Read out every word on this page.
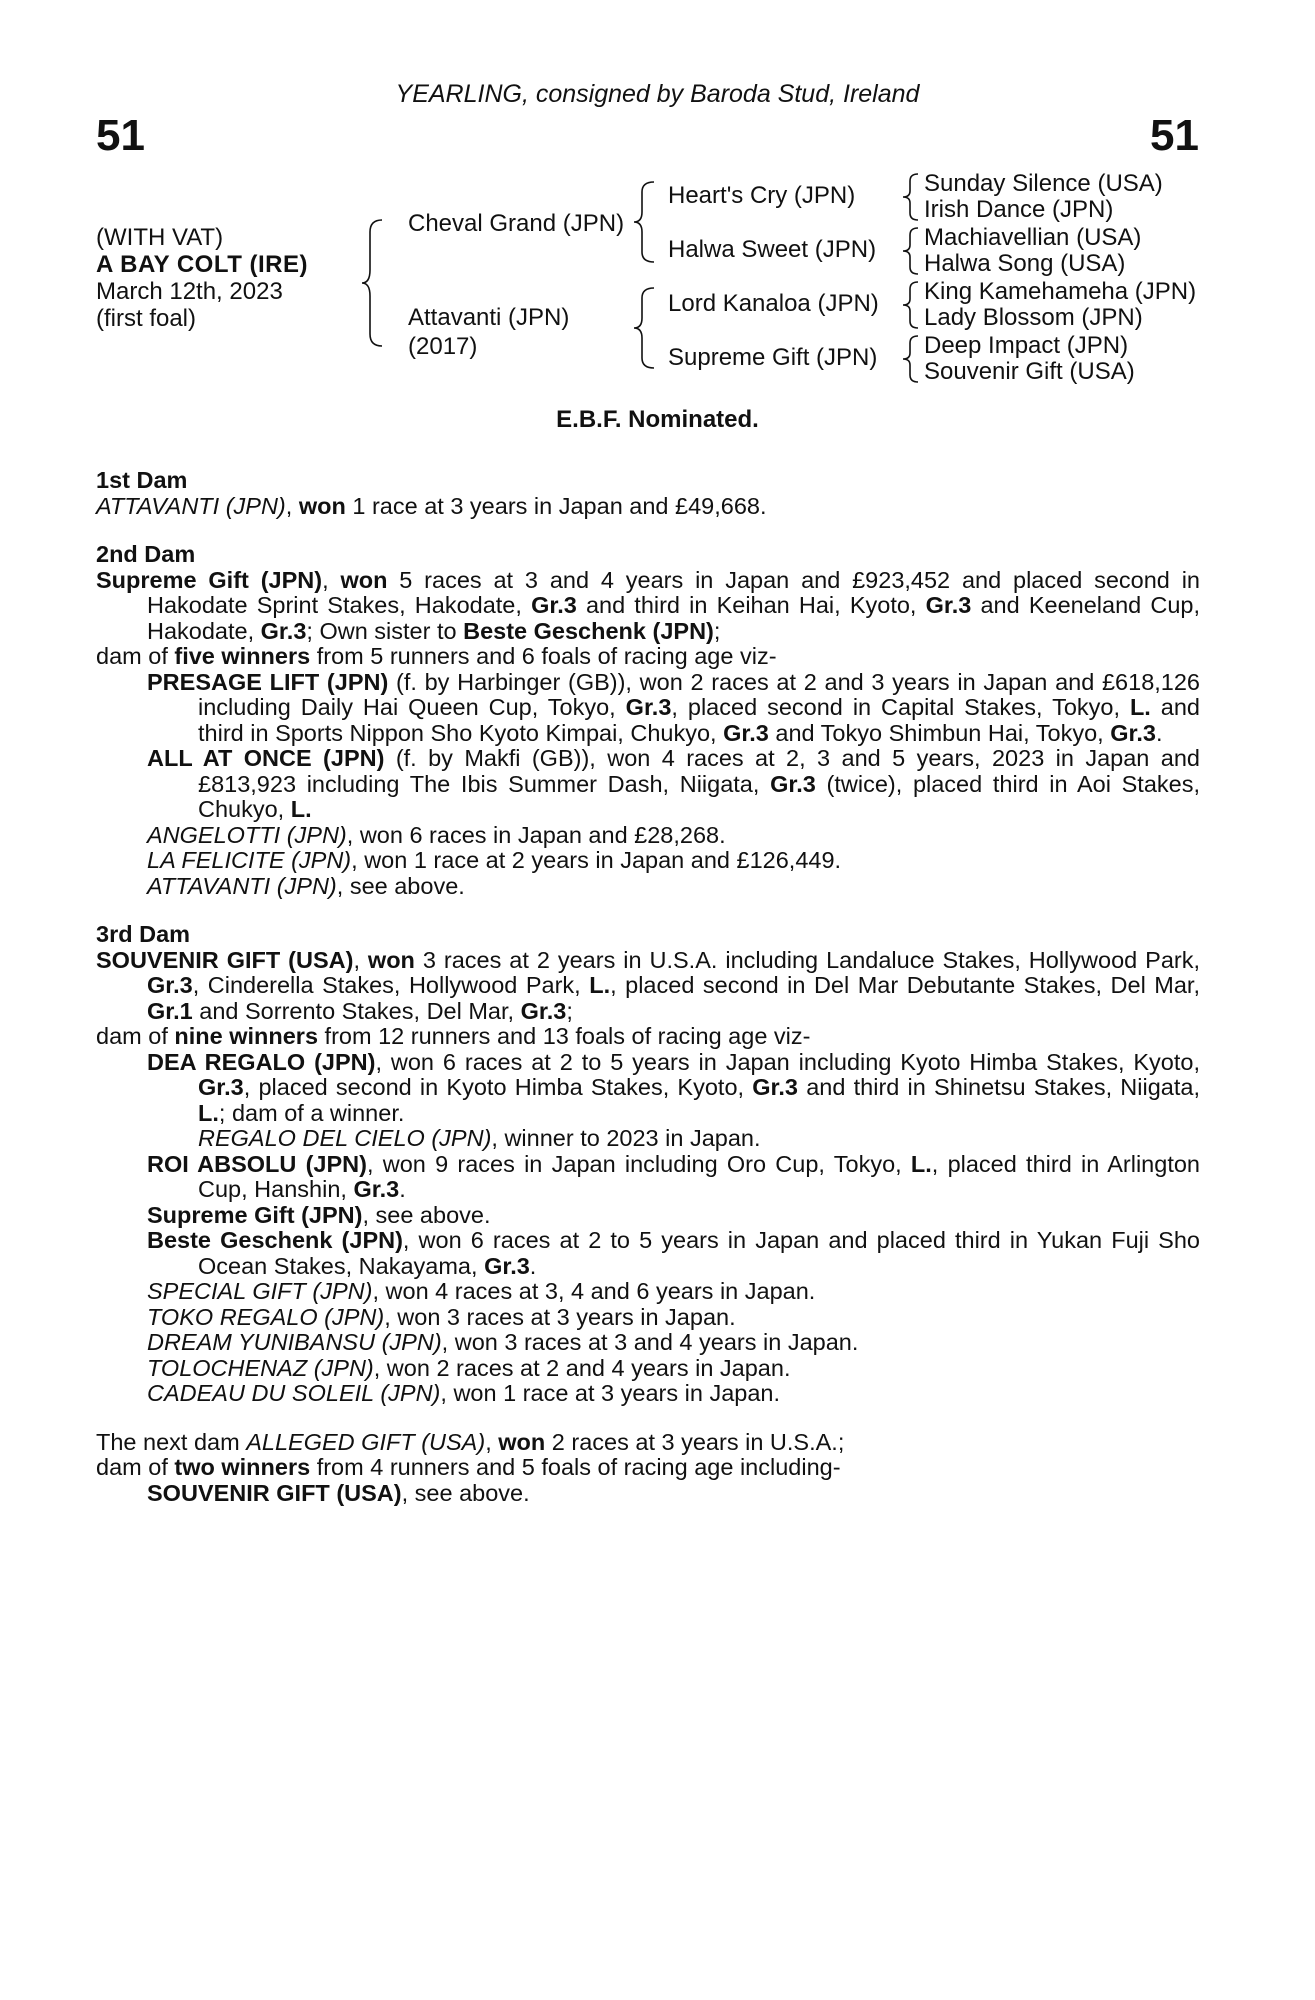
51
YEARLING, consigned by Baroda Stud, Ireland
51
(WITH VAT)
A BAY COLT (IRE)
March 12th, 2023
(first foal)
Cheval Grand (JPN)
Attavanti (JPN)
(2017)
Heart's Cry (JPN)
Halwa Sweet (JPN)
Lord Kanaloa (JPN)
Supreme Gift (JPN)
Sunday Silence (USA)
Irish Dance (JPN)
Machiavellian (USA)
Halwa Song (USA)
King Kamehameha (JPN)
Lady Blossom (JPN)
Deep Impact (JPN)
Souvenir Gift (USA)
E.B.F. Nominated.
1st Dam
ATTAVANTI (JPN), won 1 race at 3 years in Japan and £49,668.
2nd Dam
Supreme Gift (JPN), won 5 races at 3 and 4 years in Japan and £923,452 and placed second in Hakodate Sprint Stakes, Hakodate, Gr.3 and third in Keihan Hai, Kyoto, Gr.3 and Keeneland Cup, Hakodate, Gr.3; Own sister to Beste Geschenk (JPN);
dam of five winners from 5 runners and 6 foals of racing age viz-
PRESAGE LIFT (JPN) (f. by Harbinger (GB)), won 2 races at 2 and 3 years in Japan and £618,126 including Daily Hai Queen Cup, Tokyo, Gr.3, placed second in Capital Stakes, Tokyo, L. and third in Sports Nippon Sho Kyoto Kimpai, Chukyo, Gr.3 and Tokyo Shimbun Hai, Tokyo, Gr.3.
ALL AT ONCE (JPN) (f. by Makfi (GB)), won 4 races at 2, 3 and 5 years, 2023 in Japan and £813,923 including The Ibis Summer Dash, Niigata, Gr.3 (twice), placed third in Aoi Stakes, Chukyo, L.
ANGELOTTI (JPN), won 6 races in Japan and £28,268.
LA FELICITE (JPN), won 1 race at 2 years in Japan and £126,449.
ATTAVANTI (JPN), see above.
3rd Dam
SOUVENIR GIFT (USA), won 3 races at 2 years in U.S.A. including Landaluce Stakes, Hollywood Park, Gr.3, Cinderella Stakes, Hollywood Park, L., placed second in Del Mar Debutante Stakes, Del Mar, Gr.1 and Sorrento Stakes, Del Mar, Gr.3;
dam of nine winners from 12 runners and 13 foals of racing age viz-
DEA REGALO (JPN), won 6 races at 2 to 5 years in Japan including Kyoto Himba Stakes, Kyoto, Gr.3, placed second in Kyoto Himba Stakes, Kyoto, Gr.3 and third in Shinetsu Stakes, Niigata, L.; dam of a winner.
REGALO DEL CIELO (JPN), winner to 2023 in Japan.
ROI ABSOLU (JPN), won 9 races in Japan including Oro Cup, Tokyo, L., placed third in Arlington Cup, Hanshin, Gr.3.
Supreme Gift (JPN), see above.
Beste Geschenk (JPN), won 6 races at 2 to 5 years in Japan and placed third in Yukan Fuji Sho Ocean Stakes, Nakayama, Gr.3.
SPECIAL GIFT (JPN), won 4 races at 3, 4 and 6 years in Japan.
TOKO REGALO (JPN), won 3 races at 3 years in Japan.
DREAM YUNIBANSU (JPN), won 3 races at 3 and 4 years in Japan.
TOLOCHENAZ (JPN), won 2 races at 2 and 4 years in Japan.
CADEAU DU SOLEIL (JPN), won 1 race at 3 years in Japan.
The next dam ALLEGED GIFT (USA), won 2 races at 3 years in U.S.A.;
dam of two winners from 4 runners and 5 foals of racing age including-
SOUVENIR GIFT (USA), see above.
